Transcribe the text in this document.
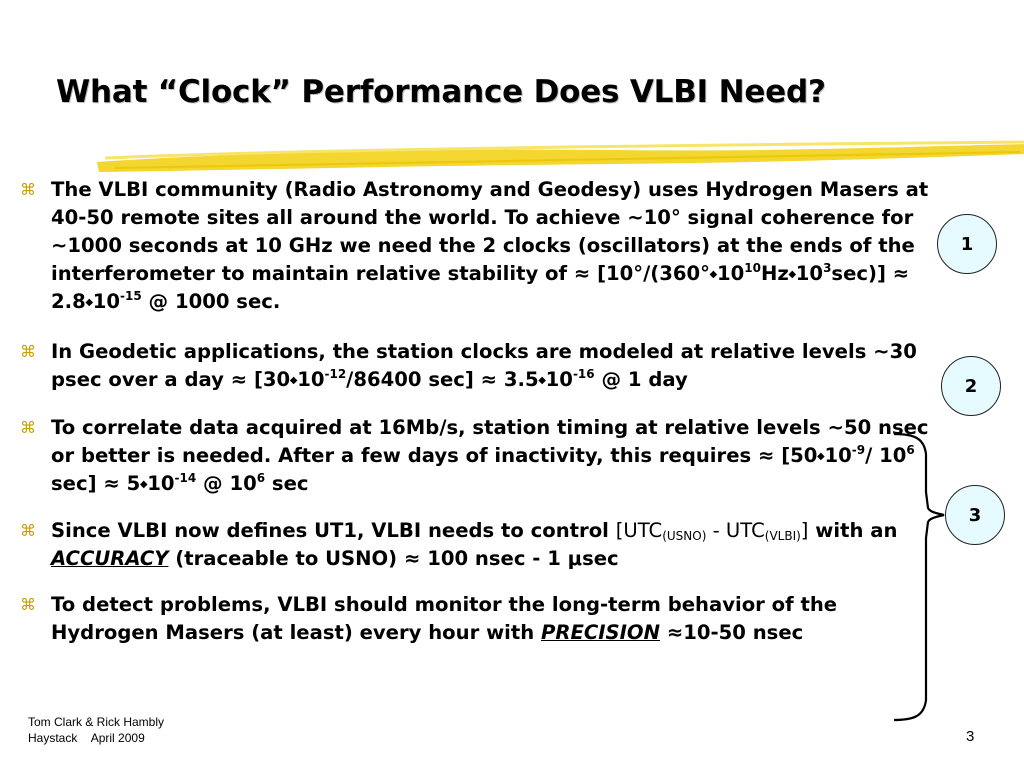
What “Clock” Performance Does VLBI Need?
⌘ The VLBI community (Radio Astronomy and Geodesy) uses Hydrogen Masers at 40-50 remote sites all around the world. To achieve ~10° signal coherence for ~1000 seconds at 10 GHz we need the 2 clocks (oscillators) at the ends of the interferometer to maintain relative stability of ≈ $[10^\circ/(360^\circ⬩10^{10}Hz⬩10^3\sec)]$ ≈ $2.8⬩10^{-15}$ @ 1000 sec.
⌘ In Geodetic applications, the station clocks are modeled at relative levels ~30 psec over a day ≈ [$30⬩10^{-12}/86400$ $\sec] \approx 3.5⬩10^{-16}$ @ 1 day
⌘ To correlate data acquired at 16Mb/s, station timing at relative levels ~50 nsec or better is needed. After a few days of inactivity, this requires ≈ [$50⬩10^{-9}/$ $10^6$ $\sec] \approx 5⬩10^{-14}$ @ $10^6$ sec
⌘ Since VLBI now defines UT1, VLBI needs to control $[UTC_{(USNO)} - UTC_{(VLBI)}]$ with an ACCURACY (traceable to USNO) ≈ 100 nsec - 1 μsec
⌘ To detect problems, VLBI should monitor the long-term behavior of the Hydrogen Masers (at least) every hour with PRECISION ≈10-50 nsec
1
2
3
Tom Clark & Rick Hambly
Haystack April 2009	3
